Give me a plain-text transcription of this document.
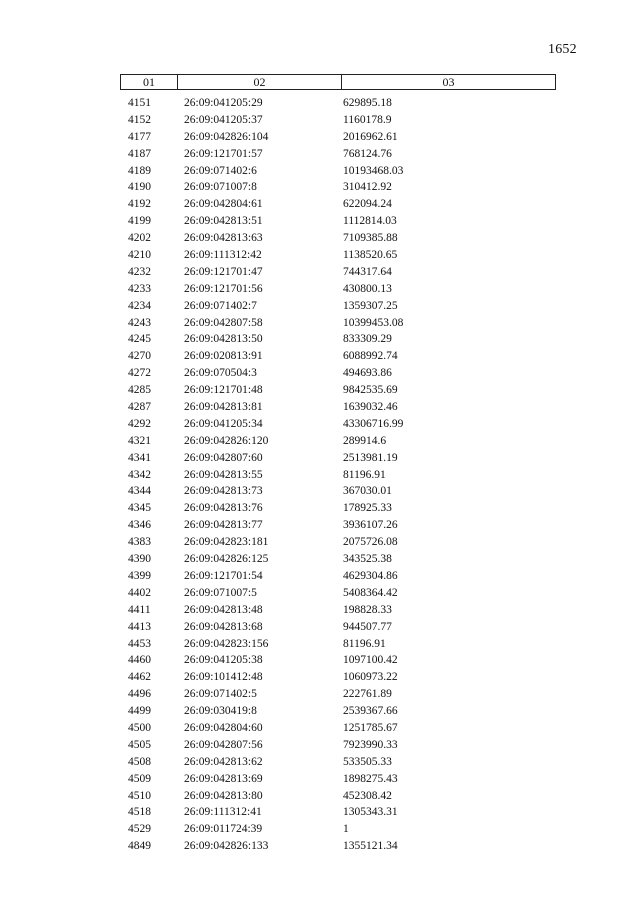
1652
01	02	03
4151	26:09:041205:29	629895.18
4152	26:09:041205:37	1160178.9
4177	26:09:042826:104	2016962.61
4187	26:09:121701:57	768124.76
4189	26:09:071402:6	10193468.03
4190	26:09:071007:8	310412.92
4192	26:09:042804:61	622094.24
4199	26:09:042813:51	1112814.03
4202	26:09:042813:63	7109385.88
4210	26:09:111312:42	1138520.65
4232	26:09:121701:47	744317.64
4233	26:09:121701:56	430800.13
4234	26:09:071402:7	1359307.25
4243	26:09:042807:58	10399453.08
4245	26:09:042813:50	833309.29
4270	26:09:020813:91	6088992.74
4272	26:09:070504:3	494693.86
4285	26:09:121701:48	9842535.69
4287	26:09:042813:81	1639032.46
4292	26:09:041205:34	43306716.99
4321	26:09:042826:120	289914.6
4341	26:09:042807:60	2513981.19
4342	26:09:042813:55	81196.91
4344	26:09:042813:73	367030.01
4345	26:09:042813:76	178925.33
4346	26:09:042813:77	3936107.26
4383	26:09:042823:181	2075726.08
4390	26:09:042826:125	343525.38
4399	26:09:121701:54	4629304.86
4402	26:09:071007:5	5408364.42
4411	26:09:042813:48	198828.33
4413	26:09:042813:68	944507.77
4453	26:09:042823:156	81196.91
4460	26:09:041205:38	1097100.42
4462	26:09:101412:48	1060973.22
4496	26:09:071402:5	222761.89
4499	26:09:030419:8	2539367.66
4500	26:09:042804:60	1251785.67
4505	26:09:042807:56	7923990.33
4508	26:09:042813:62	533505.33
4509	26:09:042813:69	1898275.43
4510	26:09:042813:80	452308.42
4518	26:09:111312:41	1305343.31
4529	26:09:011724:39	1
4849	26:09:042826:133	1355121.34
